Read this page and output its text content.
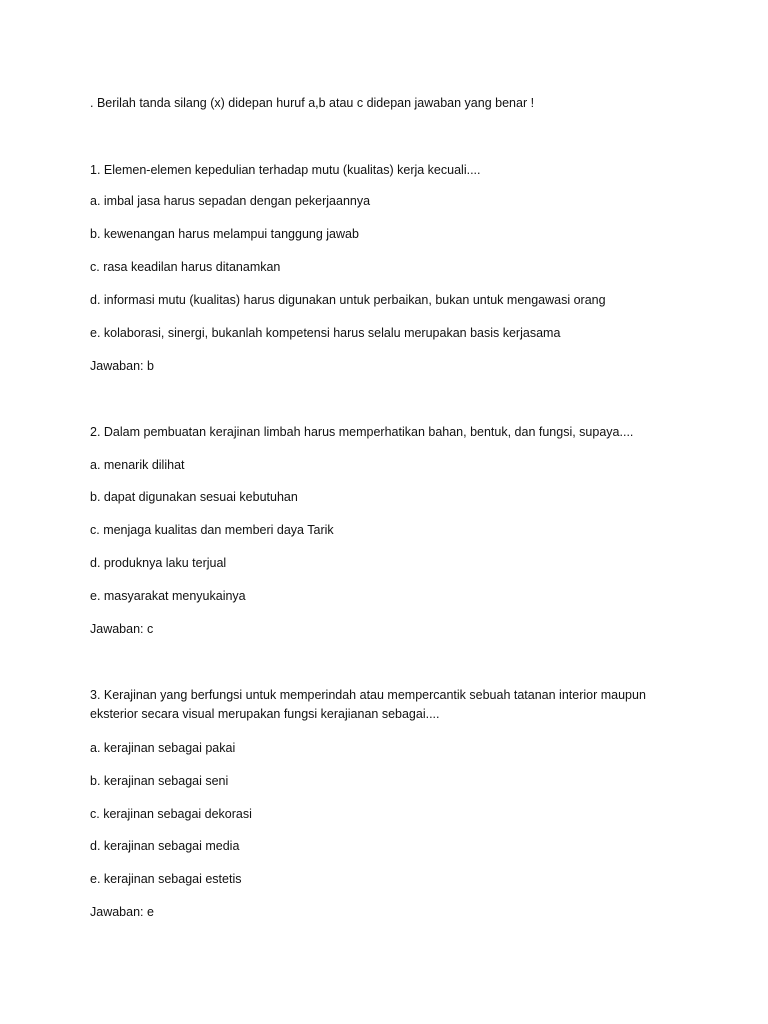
. Berilah tanda silang (x) didepan huruf a,b atau c didepan jawaban yang benar !
1. Elemen-elemen kepedulian terhadap mutu (kualitas) kerja kecuali....
a. imbal jasa harus sepadan dengan pekerjaannya
b. kewenangan harus melampui tanggung jawab
c. rasa keadilan harus ditanamkan
d. informasi mutu (kualitas) harus digunakan untuk perbaikan, bukan untuk mengawasi orang
e. kolaborasi, sinergi, bukanlah kompetensi harus selalu merupakan basis kerjasama
Jawaban: b
2. Dalam pembuatan kerajinan limbah harus memperhatikan bahan, bentuk, dan fungsi, supaya....
a. menarik dilihat
b. dapat digunakan sesuai kebutuhan
c. menjaga kualitas dan memberi daya Tarik
d. produknya laku terjual
e. masyarakat menyukainya
Jawaban: c
3. Kerajinan yang berfungsi untuk memperindah atau mempercantik sebuah tatanan interior maupun
eksterior secara visual merupakan fungsi kerajianan sebagai....
a. kerajinan sebagai pakai
b. kerajinan sebagai seni
c. kerajinan sebagai dekorasi
d. kerajinan sebagai media
e. kerajinan sebagai estetis
Jawaban: e
